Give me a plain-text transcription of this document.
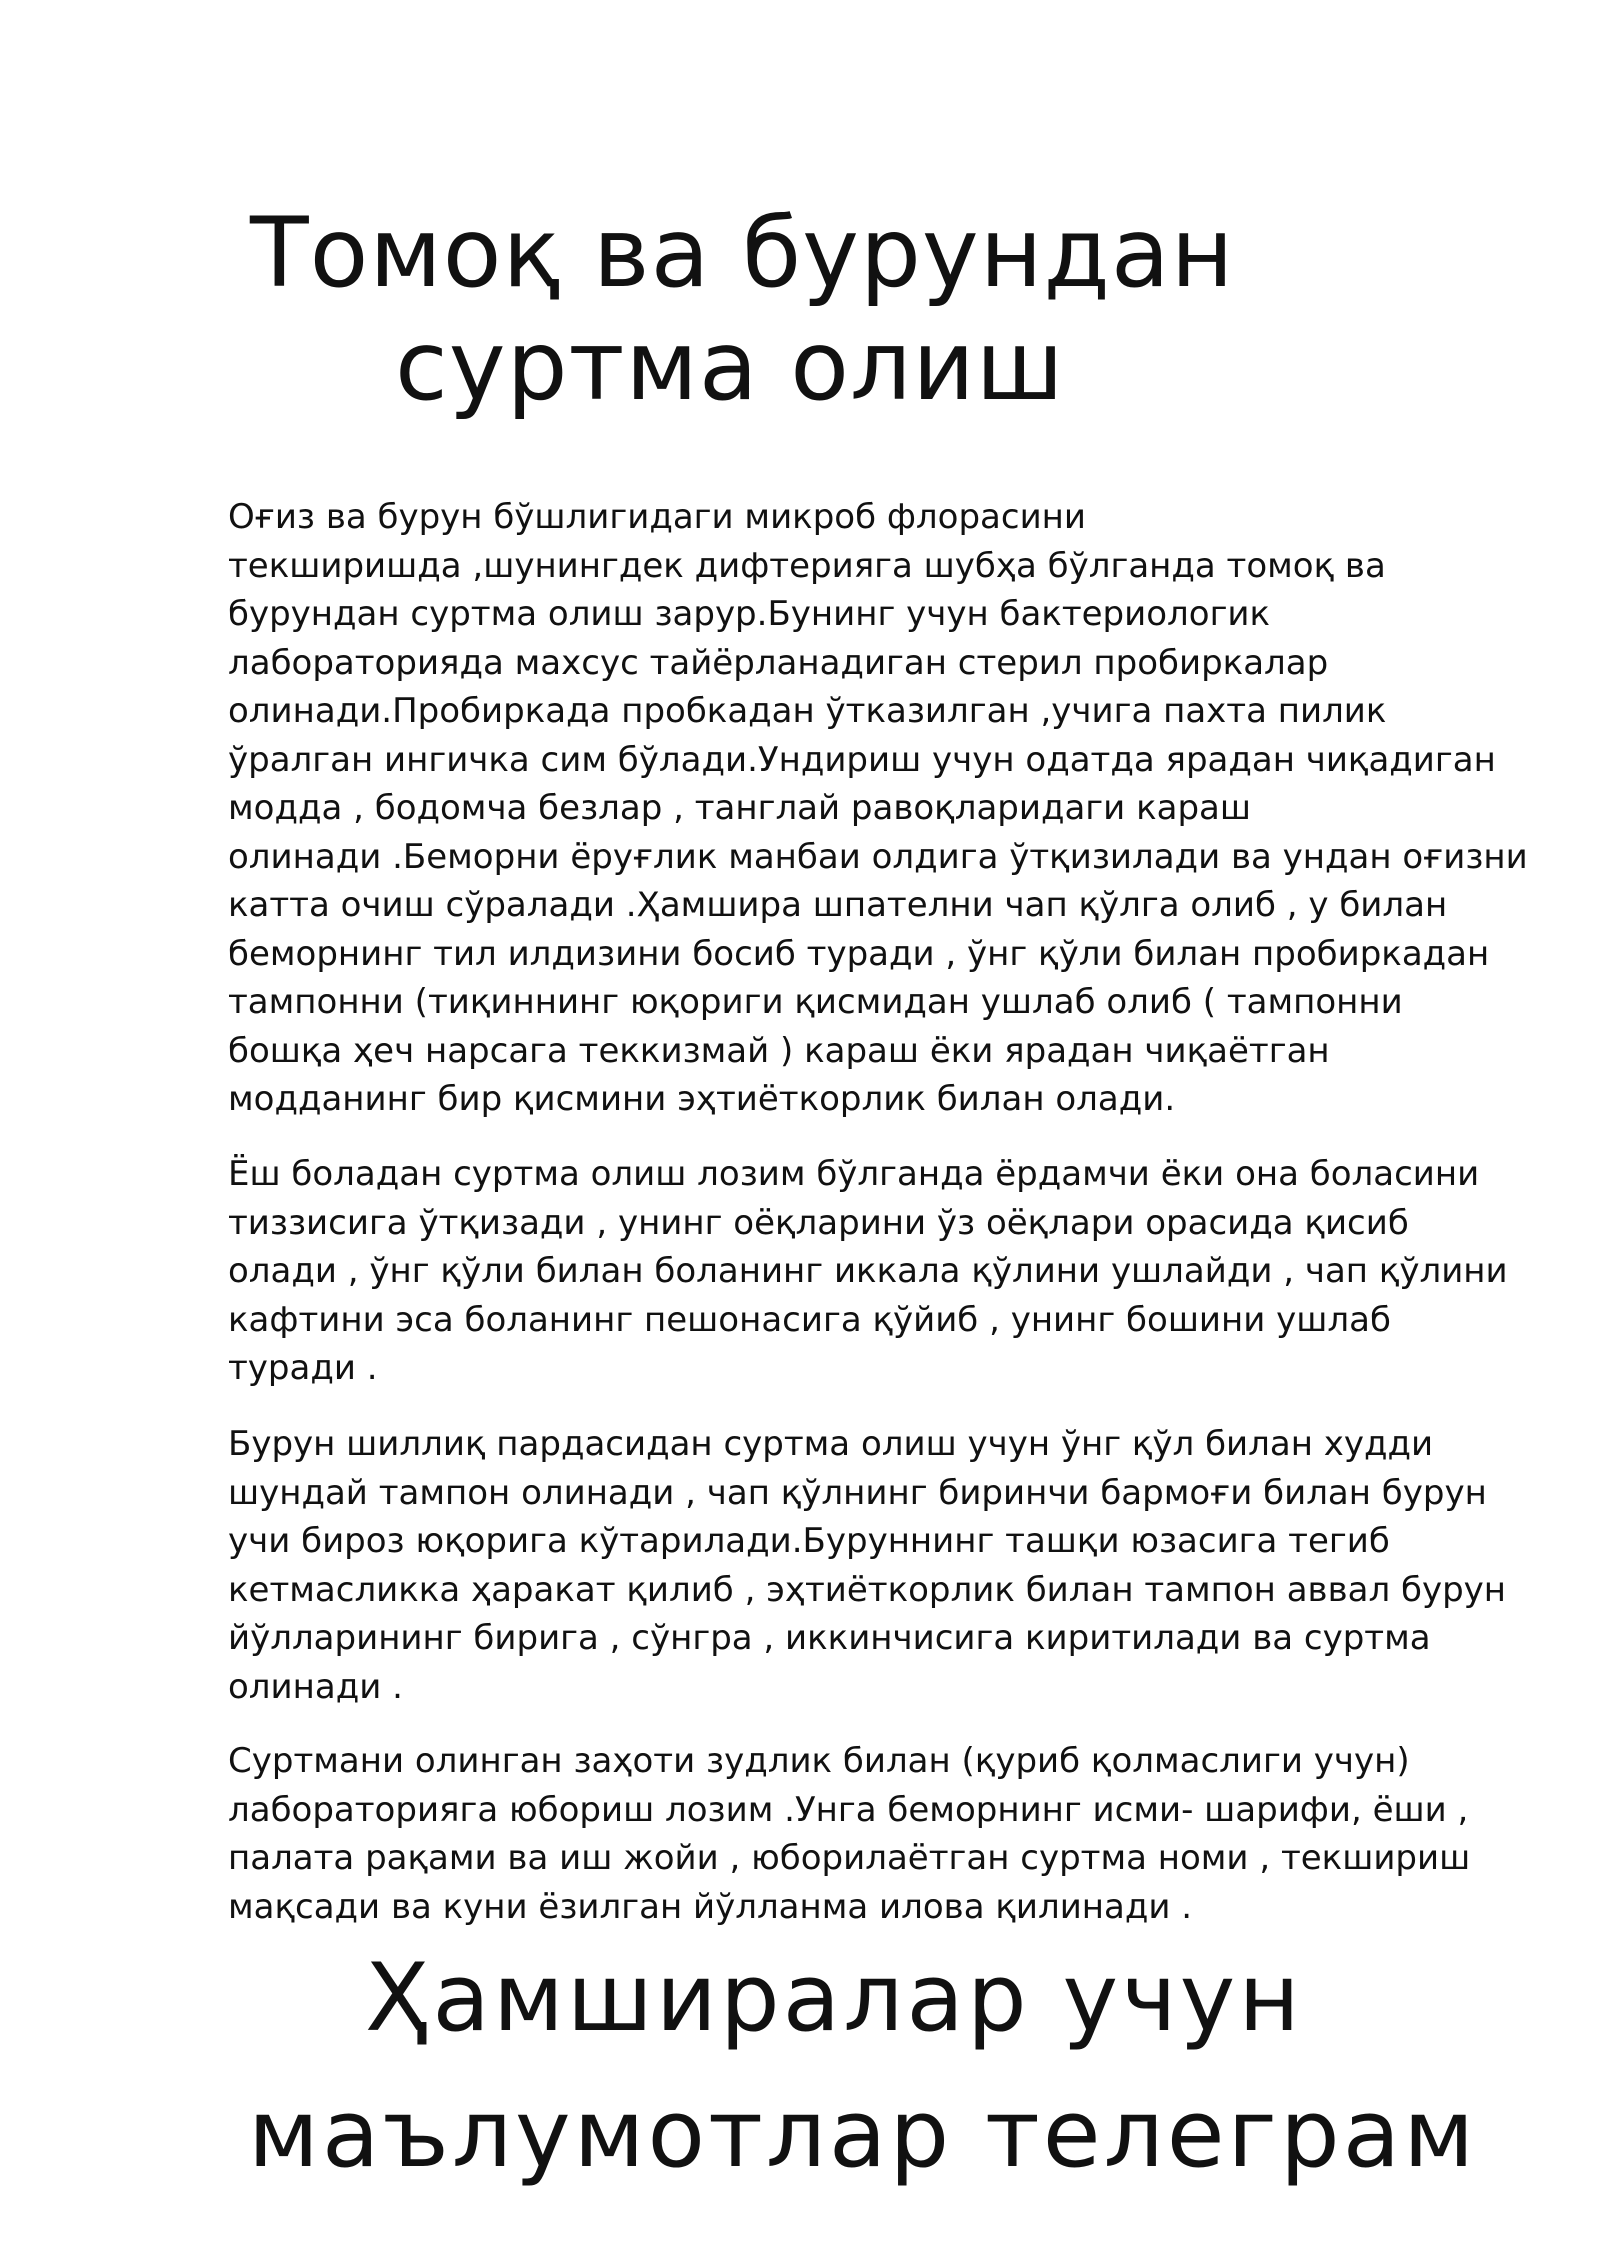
Томоқ ва бурундан
суртма олиш

Оғиз ва бурун бўшлигидаги микроб флорасини
текширишда ,шунингдек дифтерияга шубҳа бўлганда томоқ ва
бурундан суртма олиш зарур.Бунинг учун бактериологик
лабораторияда махсус тайёрланадиган стерил пробиркалар
олинади.Пробиркада пробкадан ўтказилган ,учига пахта пилик
ўралган ингичка сим бўлади.Ундириш учун одатда ярадан чиқадиган
модда , бодомча безлар , танглай равоқларидаги караш
олинади .Беморни ёруғлик манбаи олдига ўтқизилади ва ундан оғизни
катта очиш сўралади .Ҳамшира шпателни чап қўлга олиб , у билан
беморнинг тил илдизини босиб туради , ўнг қўли билан пробиркадан
тампонни (тиқиннинг юқориги қисмидан ушлаб олиб ( тампонни
бошқа ҳеч нарсага теккизмай ) караш ёки ярадан чиқаётган
модданинг бир қисмини эҳтиёткорлик билан олади.

Ёш боладан суртма олиш лозим бўлганда ёрдамчи ёки она боласини
тиззисига ўтқизади , унинг оёқларини ўз оёқлари орасида қисиб
олади , ўнг қўли билан боланинг иккала қўлини ушлайди , чап қўлини
кафтини эса боланинг пешонасига қўйиб , унинг бошини ушлаб
туради .

Бурун шиллиқ пардасидан суртма олиш учун ўнг қўл билан худди
шундай тампон олинади , чап қўлнинг биринчи бармоғи билан бурун
учи бироз юқорига кўтарилади.Буруннинг ташқи юзасига тегиб
кетмасликка ҳаракат қилиб , эҳтиёткорлик билан тампон аввал бурун
йўлларининг бирига , сўнгра , иккинчисига киритилади ва суртма
олинади .

Суртмани олинган заҳоти зудлик билан (қуриб қолмаслиги учун)
лабораторияга юбориш лозим .Унга беморнинг исми- шарифи, ёши ,
палата рақами ва иш жойи , юборилаётган суртма номи , текшириш
мақсади ва куни ёзилган йўлланма илова қилинади .

Ҳамширалар учун
маълумотлар телеграм
